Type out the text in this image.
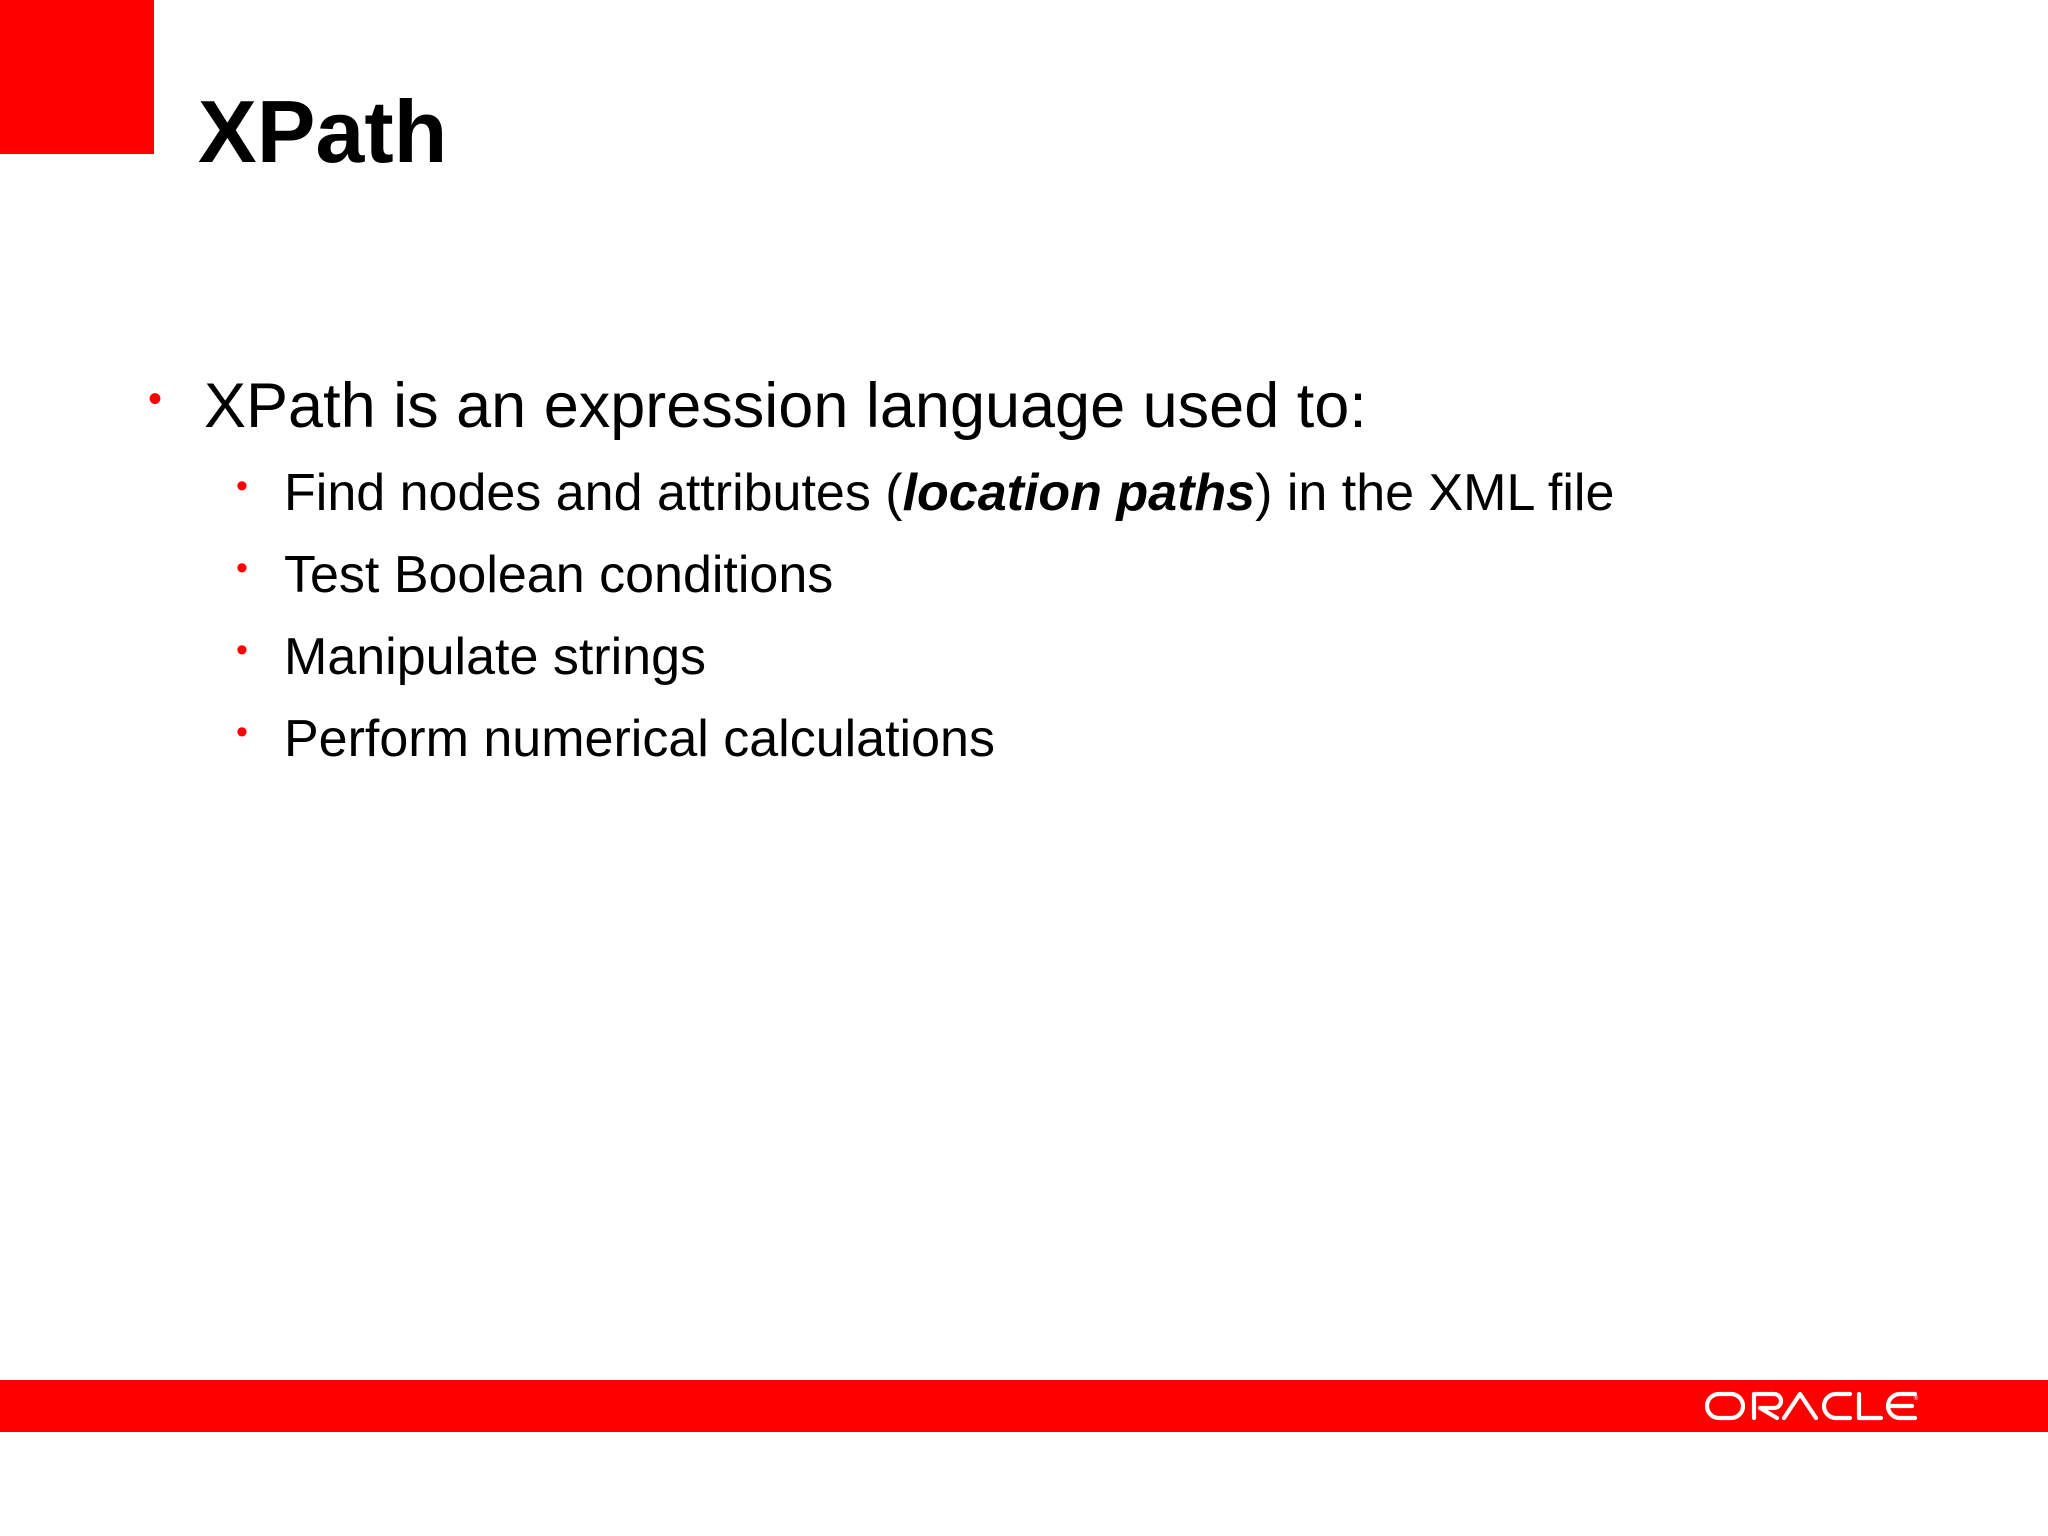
XPath
• XPath is an expression language used to:
• Find nodes and attributes (location paths) in the XML file
• Test Boolean conditions
• Manipulate strings
• Perform numerical calculations
®
